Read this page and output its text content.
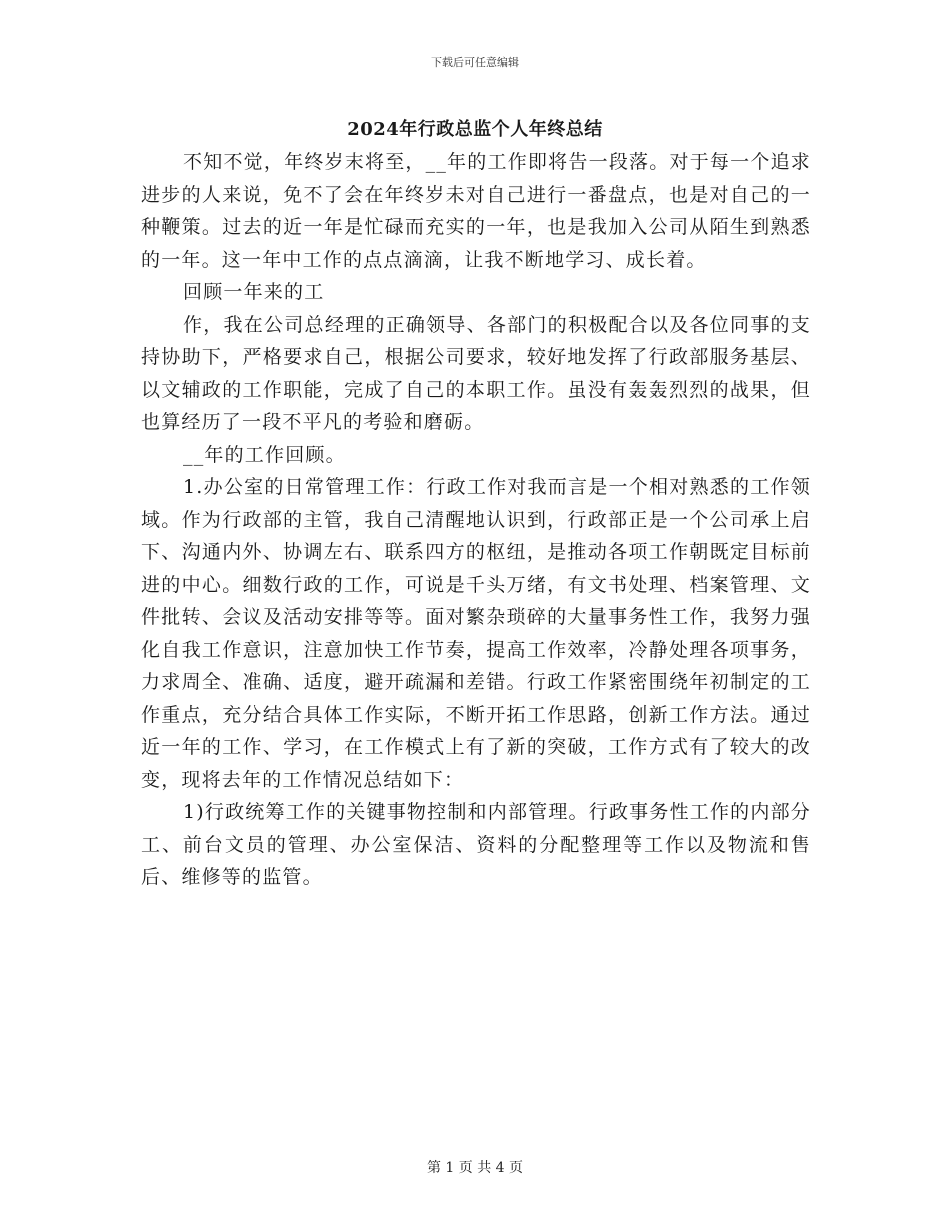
下载后可任意编辑
2024年行政总监个人年终总结

不知不觉，年终岁末将至，__年的工作即将告一段落。对于每一个追求进步的人来说，免不了会在年终岁未对自己进行一番盘点，也是对自己的一种鞭策。过去的近一年是忙碌而充实的一年，也是我加入公司从陌生到熟悉的一年。这一年中工作的点点滴滴，让我不断地学习、成长着。

回顾一年来的工

作，我在公司总经理的正确领导、各部门的积极配合以及各位同事的支持协助下，严格要求自己，根据公司要求，较好地发挥了行政部服务基层、以文辅政的工作职能，完成了自己的本职工作。虽没有轰轰烈烈的战果，但也算经历了一段不平凡的考验和磨砺。

__年的工作回顾。

1.办公室的日常管理工作：行政工作对我而言是一个相对熟悉的工作领域。作为行政部的主管，我自己清醒地认识到，行政部正是一个公司承上启下、沟通内外、协调左右、联系四方的枢纽，是推动各项工作朝既定目标前进的中心。细数行政的工作，可说是千头万绪，有文书处理、档案管理、文件批转、会议及活动安排等等。面对繁杂琐碎的大量事务性工作，我努力强化自我工作意识，注意加快工作节奏，提高工作效率，冷静处理各项事务，力求周全、准确、适度，避开疏漏和差错。行政工作紧密围绕年初制定的工作重点，充分结合具体工作实际，不断开拓工作思路，创新工作方法。通过近一年的工作、学习，在工作模式上有了新的突破，工作方式有了较大的改变，现将去年的工作情况总结如下：

1)行政统筹工作的关键事物控制和内部管理。行政事务性工作的内部分工、前台文员的管理、办公室保洁、资料的分配整理等工作以及物流和售后、维修等的监管。

第 1 页 共 4 页
